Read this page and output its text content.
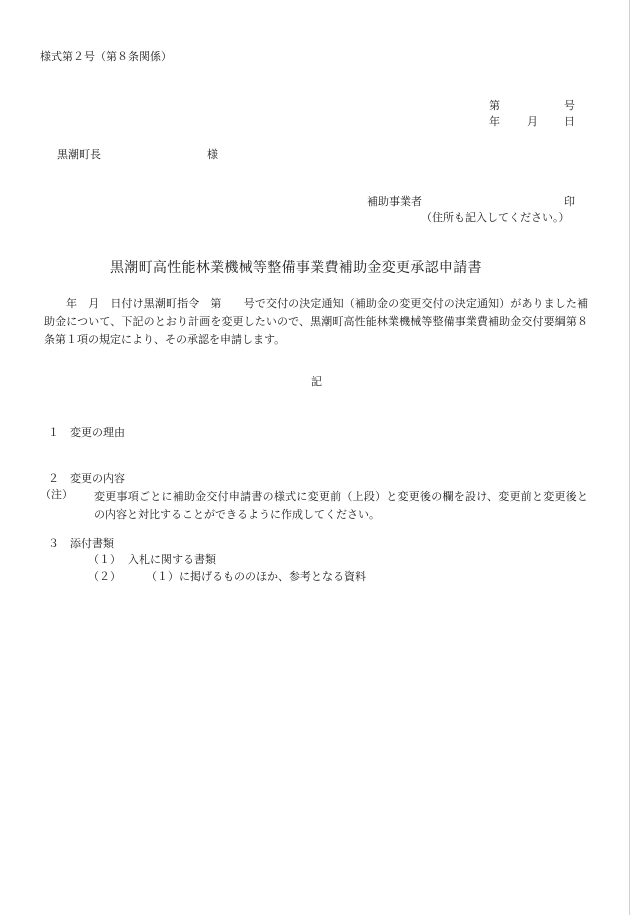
様式第２号（第８条関係）
第	号
年 月 日
黒潮町長	様
補助事業者	印
（住所も記入してください。）
黒潮町高性能林業機械等整備事業費補助金変更承認申請書
年　月　日付け黒潮町指令　第　　号で交付の決定通知（補助金の変更交付の決定通知）がありました補助金について、下記のとおり計画を変更したいので、黒潮町高性能林業機械等整備事業費補助金交付要綱第８条第１項の規定により、その承認を申請します。
記
１ 変更の理由
２ 変更の内容
（注） 変更事項ごとに補助金交付申請書の様式に変更前（上段）と変更後の欄を設け、変更前と変更後との内容と対比することができるように作成してください。
３ 添付書類
（１） 入札に関する書類
（２） （１）に掲げるもののほか、参考となる資料
